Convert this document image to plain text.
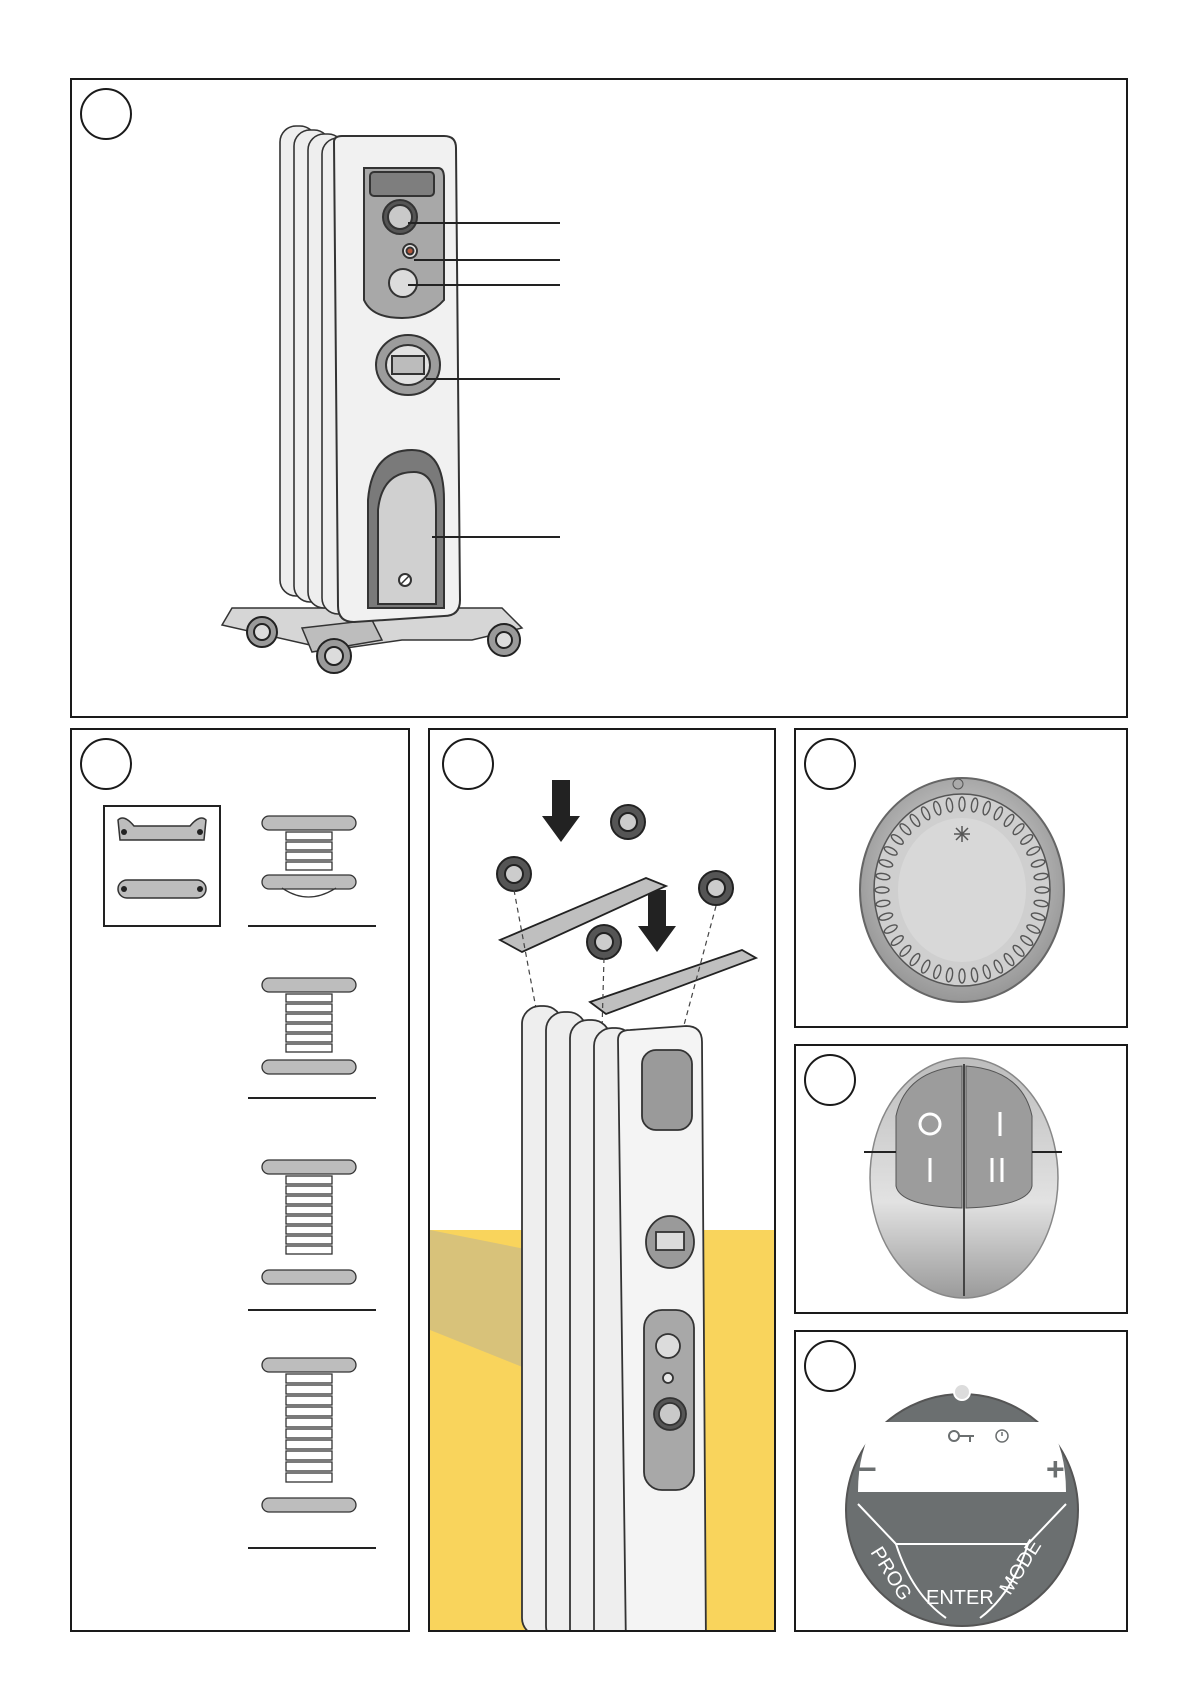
−	+
PROG ENTER MODE
